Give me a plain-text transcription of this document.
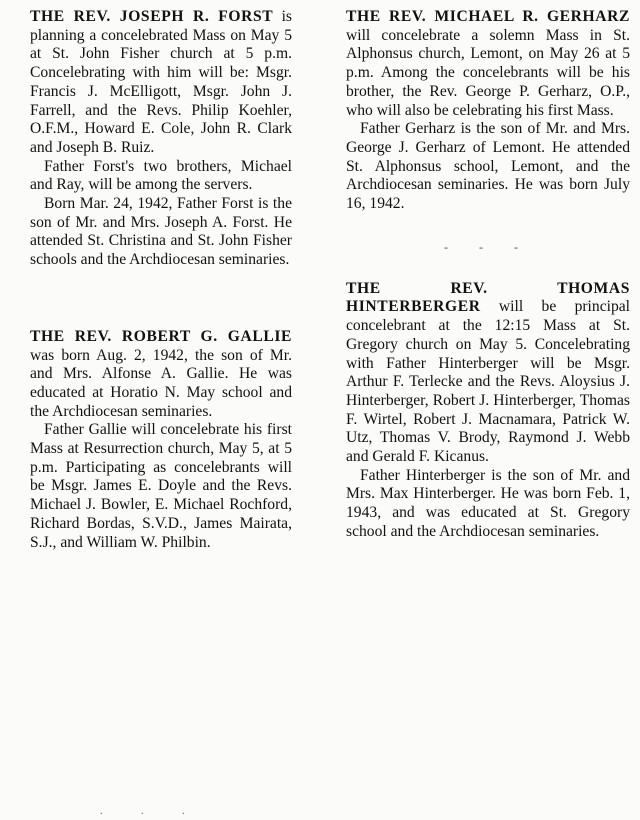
THE REV. JOSEPH R. FORST is planning a concelebrated Mass on May 5 at St. John Fisher church at 5 p.m. Concelebrating with him will be: Msgr. Francis J. McElligott, Msgr. John J. Farrell, and the Revs. Philip Koehler, O.F.M., Howard E. Cole, John R. Clark and Joseph B. Ruiz.

Father Forst's two brothers, Michael and Ray, will be among the servers.

Born Mar. 24, 1942, Father Forst is the son of Mr. and Mrs. Joseph A. Forst. He attended St. Christina and St. John Fisher schools and the Archdiocesan seminaries.

THE REV. ROBERT G. GALLIE was born Aug. 2, 1942, the son of Mr. and Mrs. Alfonse A. Gallie. He was educated at Horatio N. May school and the Archdiocesan seminaries.

Father Gallie will concelebrate his first Mass at Resurrection church, May 5, at 5 p.m. Participating as concelebrants will be Msgr. James E. Doyle and the Revs. Michael J. Bowler, E. Michael Rochford, Richard Bordas, S.V.D., James Mairata, S.J., and William W. Philbin.

THE REV. MICHAEL R. GERHARZ will concelebrate a solemn Mass in St. Alphonsus church, Lemont, on May 26 at 5 p.m. Among the concelebrants will be his brother, the Rev. George P. Gerharz, O.P., who will also be celebrating his first Mass.

Father Gerharz is the son of Mr. and Mrs. George J. Gerharz of Lemont. He attended St. Alphonsus school, Lemont, and the Archdiocesan seminaries. He was born July 16, 1942.

- - -

THE REV. THOMAS HINTERBERGER will be principal concelebrant at the 12:15 Mass at St. Gregory church on May 5. Concelebrating with Father Hinterberger will be Msgr. Arthur F. Terlecke and the Revs. Aloysius J. Hinterberger, Robert J. Hinterberger, Thomas F. Wirtel, Robert J. Macnamara, Patrick W. Utz, Thomas V. Brody, Raymond J. Webb and Gerald F. Kicanus.

Father Hinterberger is the son of Mr. and Mrs. Max Hinterberger. He was born Feb. 1, 1943, and was educated at St. Gregory school and the Archdiocesan seminaries.

. . .
